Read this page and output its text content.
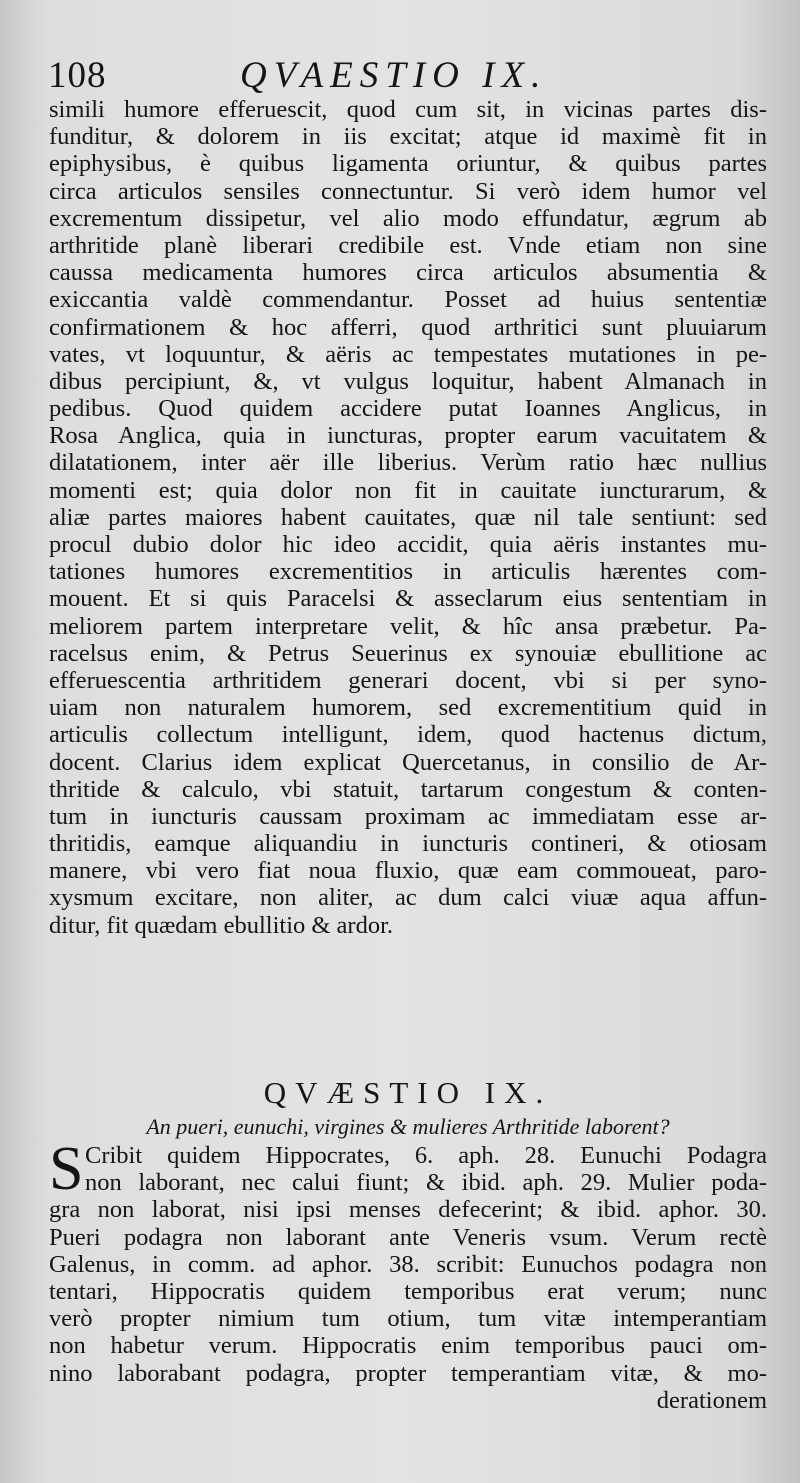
108	QVAESTIO IX.
simili humore efferuescit, quod cum sit, in vicinas partes dis-
funditur, & dolorem in iis excitat; atque id maximè fit in
epiphysibus, è quibus ligamenta oriuntur, & quibus partes
circa articulos sensiles connectuntur. Si verò idem humor vel
excrementum dissipetur, vel alio modo effundatur, ægrum ab
arthritide planè liberari credibile est. Vnde etiam non sine
caussa medicamenta humores circa articulos absumentia &
exiccantia valdè commendantur. Posset ad huius sententiæ
confirmationem & hoc afferri, quod arthritici sunt pluuiarum
vates, vt loquuntur, & aëris ac tempestates mutationes in pe-
dibus percipiunt, &, vt vulgus loquitur, habent Almanach in
pedibus. Quod quidem accidere putat Ioannes Anglicus, in
Rosa Anglica, quia in iuncturas, propter earum vacuitatem &
dilatationem, inter aër ille liberius. Verùm ratio hæc nullius
momenti est; quia dolor non fit in cauitate iuncturarum, &
aliæ partes maiores habent cauitates, quæ nil tale sentiunt: sed
procul dubio dolor hic ideo accidit, quia aëris instantes mu-
tationes humores excrementitios in articulis hærentes com-
mouent. Et si quis Paracelsi & asseclarum eius sententiam in
meliorem partem interpretare velit, & hîc ansa præbetur. Pa-
racelsus enim, & Petrus Seuerinus ex synouiæ ebullitione ac
efferuescentia arthritidem generari docent, vbi si per syno-
uiam non naturalem humorem, sed excrementitium quid in
articulis collectum intelligunt, idem, quod hactenus dictum,
docent. Clarius idem explicat Quercetanus, in consilio de Ar-
thritide & calculo, vbi statuit, tartarum congestum & conten-
tum in iuncturis caussam proximam ac immediatam esse ar-
thritidis, eamque aliquandiu in iuncturis contineri, & otiosam
manere, vbi vero fiat noua fluxio, quæ eam commoueat, paro-
xysmum excitare, non aliter, ac dum calci viuæ aqua affun-
ditur, fit quædam ebullitio & ardor.
QVÆSTIO IX.
An pueri, eunuchi, virgines & mulieres Arthritide laborent?
S Cribit quidem Hippocrates, 6. aph. 28. Eunuchi Podagra
non laborant, nec calui fiunt; & ibid. aph. 29. Mulier poda-
gra non laborat, nisi ipsi menses defecerint; & ibid. aphor. 30.
Pueri podagra non laborant ante Veneris vsum. Verum rectè
Galenus, in comm. ad aphor. 38. scribit: Eunuchos podagra non
tentari, Hippocratis quidem temporibus erat verum; nunc
verò propter nimium tum otium, tum vitæ intemperantiam
non habetur verum. Hippocratis enim temporibus pauci om-
nino laborabant podagra, propter temperantiam vitæ, & mo-
derationem
